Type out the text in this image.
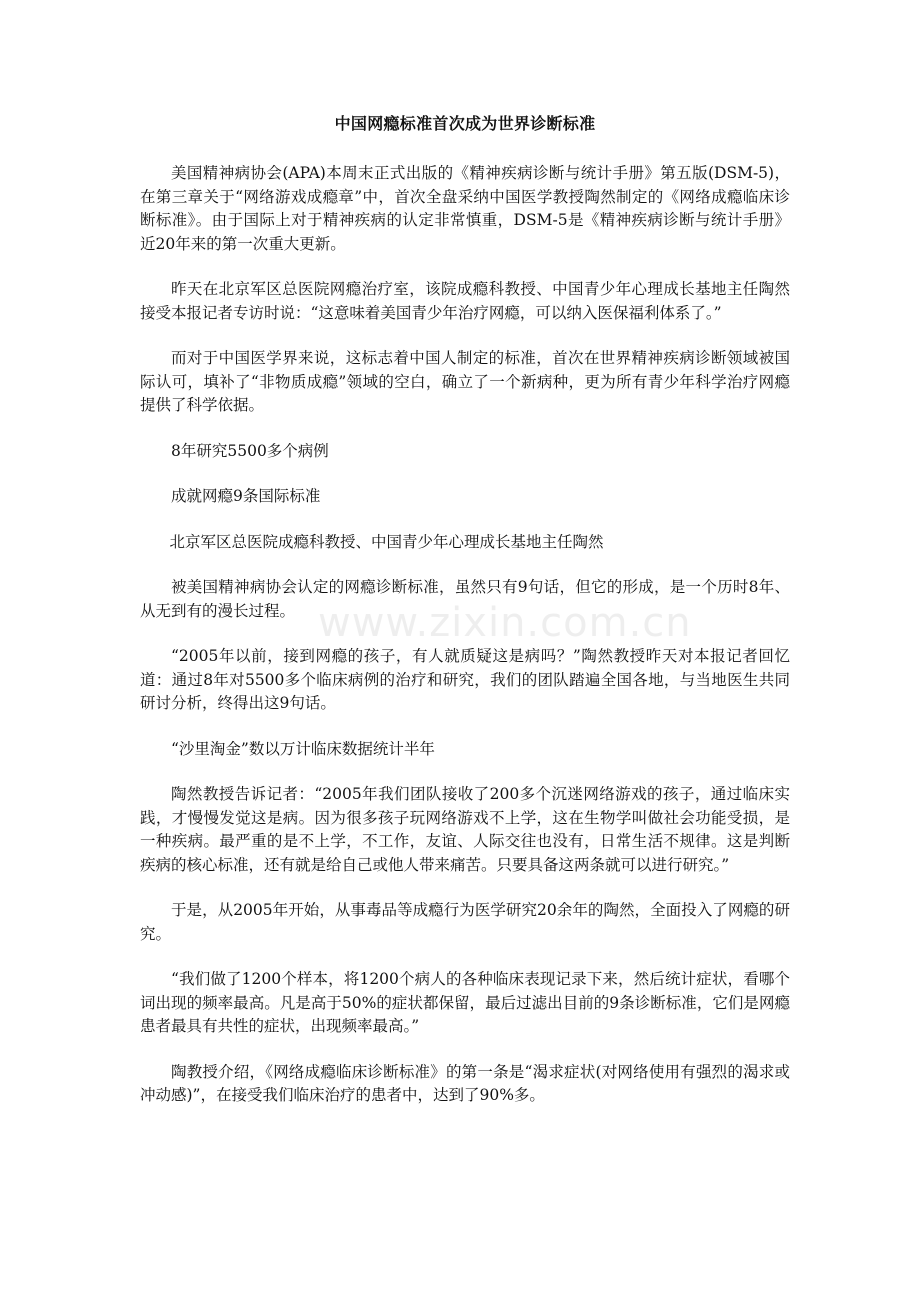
中国网瘾标准首次成为世界诊断标准

美国精神病协会(APA)本周末正式出版的《精神疾病诊断与统计手册》第五版(DSM-5)，在第三章关于“网络游戏成瘾章”中，首次全盘采纳中国医学教授陶然制定的《网络成瘾临床诊断标准》。由于国际上对于精神疾病的认定非常慎重，DSM-5是《精神疾病诊断与统计手册》近20年来的第一次重大更新。

昨天在北京军区总医院网瘾治疗室，该院成瘾科教授、中国青少年心理成长基地主任陶然接受本报记者专访时说：“这意味着美国青少年治疗网瘾，可以纳入医保福利体系了。”

而对于中国医学界来说，这标志着中国人制定的标准，首次在世界精神疾病诊断领域被国际认可，填补了“非物质成瘾”领域的空白，确立了一个新病种，更为所有青少年科学治疗网瘾提供了科学依据。

8年研究5500多个病例

成就网瘾9条国际标准

北京军区总医院成瘾科教授、中国青少年心理成长基地主任陶然

被美国精神病协会认定的网瘾诊断标准，虽然只有9句话，但它的形成，是一个历时8年、从无到有的漫长过程。

“2005年以前，接到网瘾的孩子，有人就质疑这是病吗？”陶然教授昨天对本报记者回忆道：通过8年对5500多个临床病例的治疗和研究，我们的团队踏遍全国各地，与当地医生共同研讨分析，终得出这9句话。

“沙里淘金”数以万计临床数据统计半年

陶然教授告诉记者：“2005年我们团队接收了200多个沉迷网络游戏的孩子，通过临床实践，才慢慢发觉这是病。因为很多孩子玩网络游戏不上学，这在生物学叫做社会功能受损，是一种疾病。最严重的是不上学，不工作，友谊、人际交往也没有，日常生活不规律。这是判断疾病的核心标准，还有就是给自己或他人带来痛苦。只要具备这两条就可以进行研究。”

于是，从2005年开始，从事毒品等成瘾行为医学研究20余年的陶然，全面投入了网瘾的研究。

“我们做了1200个样本，将1200个病人的各种临床表现记录下来，然后统计症状，看哪个词出现的频率最高。凡是高于50%的症状都保留，最后过滤出目前的9条诊断标准，它们是网瘾患者最具有共性的症状，出现频率最高。”

陶教授介绍，《网络成瘾临床诊断标准》的第一条是“渴求症状(对网络使用有强烈的渴求或冲动感)”，在接受我们临床治疗的患者中，达到了90%多。

www.zixin.com.cn
